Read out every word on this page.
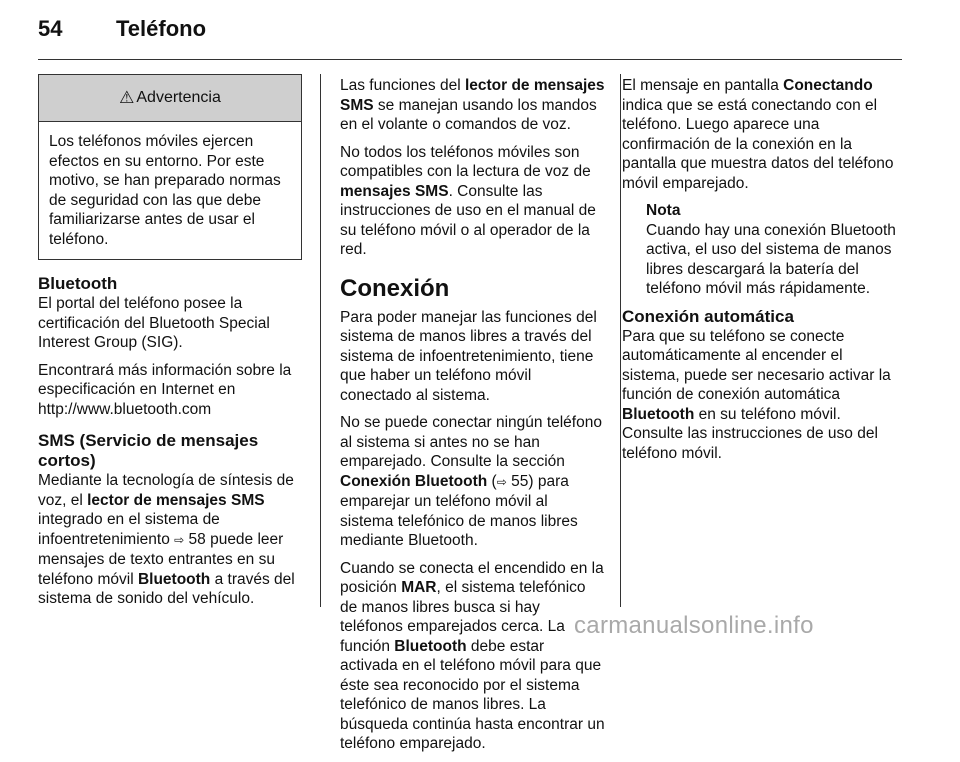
54 Teléfono
⚠ Advertencia
Los teléfonos móviles ejercen efectos en su entorno. Por este motivo, se han preparado normas de seguridad con las que debe familiarizarse antes de usar el teléfono.
Bluetooth

El portal del teléfono posee la certificación del Bluetooth Special Interest Group (SIG).

Encontrará más información sobre la especificación en Internet en http://www.bluetooth.com

SMS (Servicio de mensajes cortos)

Mediante la tecnología de síntesis de voz, el lector de mensajes SMS integrado en el sistema de infoentretenimiento ⇨ 58 puede leer mensajes de texto entrantes en su teléfono móvil Bluetooth a través del sistema de sonido del vehículo.

Las funciones del lector de mensajes SMS se manejan usando los mandos en el volante o comandos de voz.

No todos los teléfonos móviles son compatibles con la lectura de voz de mensajes SMS. Consulte las instrucciones de uso en el manual de su teléfono móvil o al operador de la red.

Conexión

Para poder manejar las funciones del sistema de manos libres a través del sistema de infoentretenimiento, tiene que haber un teléfono móvil conectado al sistema.

No se puede conectar ningún teléfono al sistema si antes no se han emparejado. Consulte la sección Conexión Bluetooth (⇨ 55) para emparejar un teléfono móvil al sistema telefónico de manos libres mediante Bluetooth.

Cuando se conecta el encendido en la posición MAR, el sistema telefónico de manos libres busca si hay teléfonos emparejados cerca. La función Bluetooth debe estar activada en el teléfono móvil para que éste sea reconocido por el sistema telefónico de manos libres. La búsqueda continúa hasta encontrar un teléfono emparejado.

El mensaje en pantalla Conectando indica que se está conectando con el teléfono. Luego aparece una confirmación de la conexión en la pantalla que muestra datos del teléfono móvil emparejado.

Nota

Cuando hay una conexión Bluetooth activa, el uso del sistema de manos libres descargará la batería del teléfono móvil más rápidamente.

Conexión automática

Para que su teléfono se conecte automáticamente al encender el sistema, puede ser necesario activar la función de conexión automática Bluetooth en su teléfono móvil. Consulte las instrucciones de uso del teléfono móvil.

carmanualsonline.info
